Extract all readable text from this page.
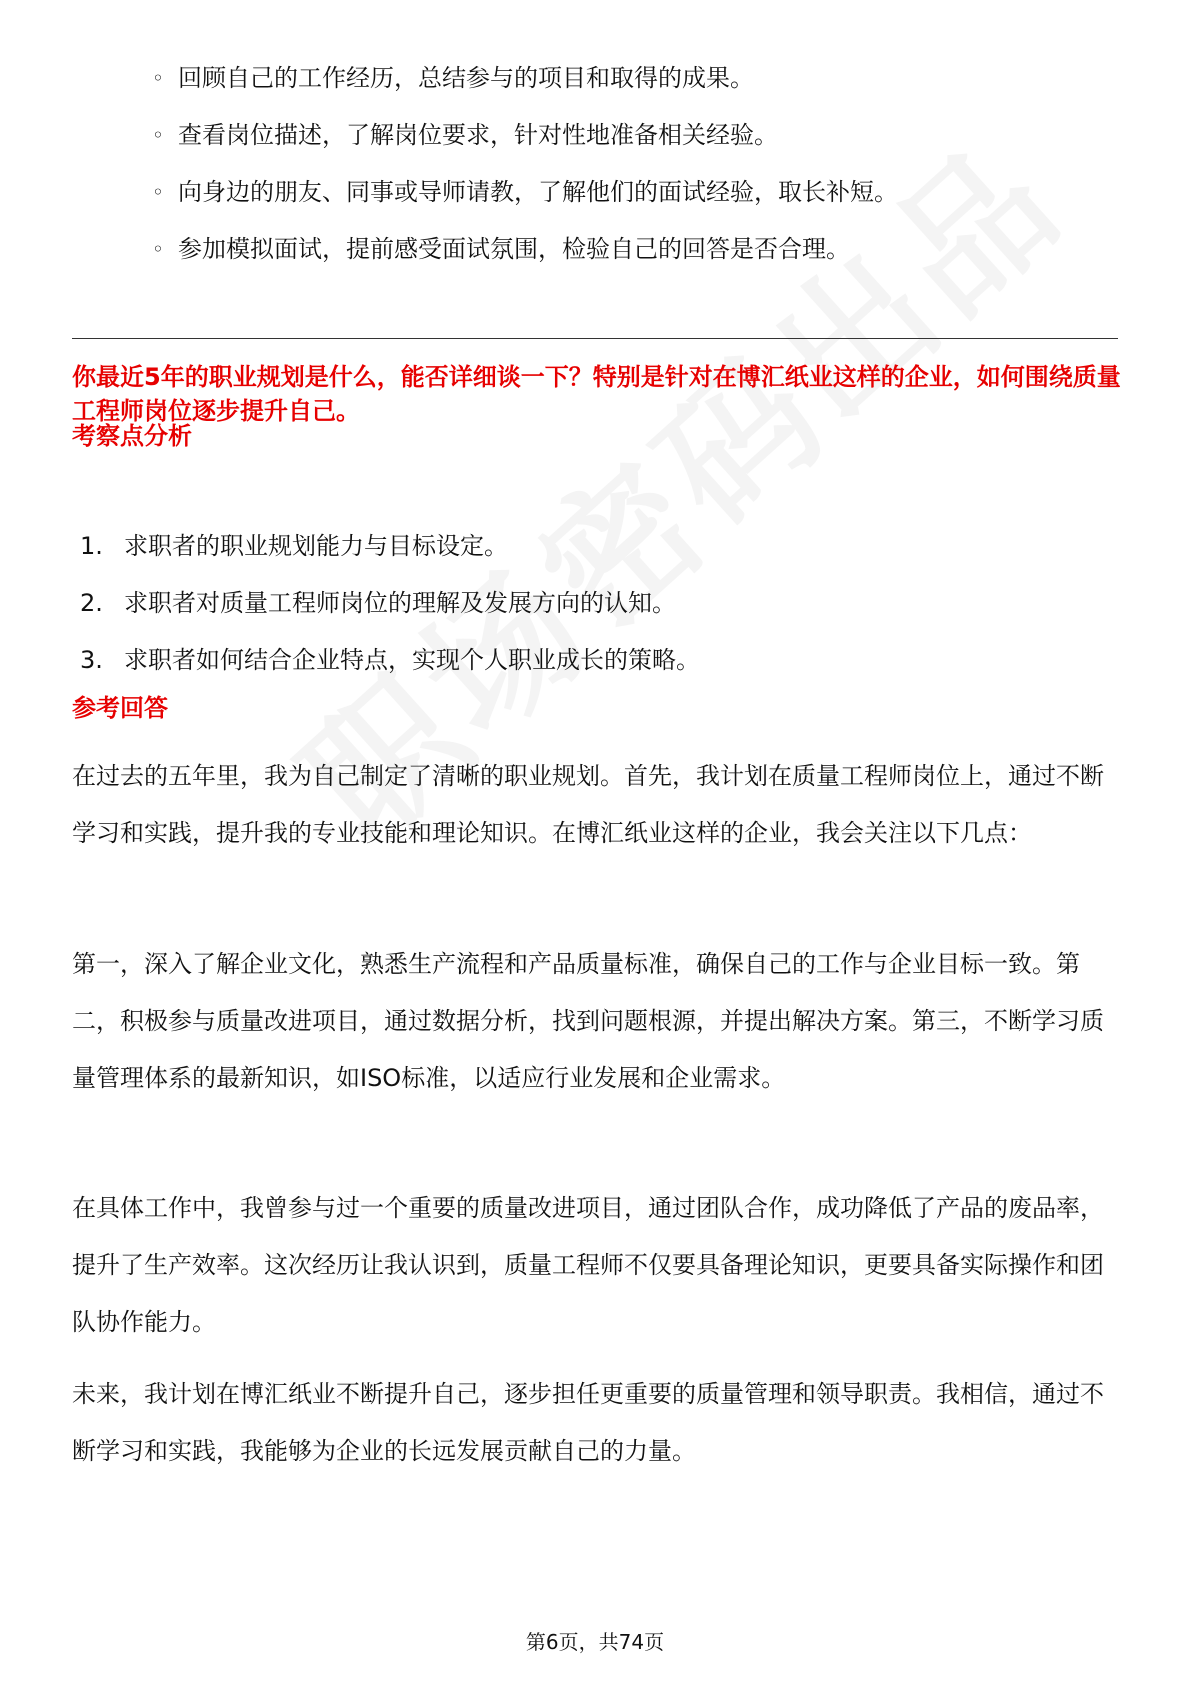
◦ 回顾自己的工作经历，总结参与的项目和取得的成果。
◦ 查看岗位描述，了解岗位要求，针对性地准备相关经验。
◦ 向身边的朋友、同事或导师请教，了解他们的面试经验，取长补短。
◦ 参加模拟面试，提前感受面试氛围，检验自己的回答是否合理。
你最近5年的职业规划是什么，能否详细谈一下？特别是针对在博汇纸业这样的企业，如何围绕质量工程师岗位逐步提升自己。
考察点分析
1. 求职者的职业规划能力与目标设定。
2. 求职者对质量工程师岗位的理解及发展方向的认知。
3. 求职者如何结合企业特点，实现个人职业成长的策略。
参考回答

在过去的五年里，我为自己制定了清晰的职业规划。首先，我计划在质量工程师岗位上，通过不断学习和实践，提升我的专业技能和理论知识。在博汇纸业这样的企业，我会关注以下几点：

第一，深入了解企业文化，熟悉生产流程和产品质量标准，确保自己的工作与企业目标一致。第二，积极参与质量改进项目，通过数据分析，找到问题根源，并提出解决方案。第三，不断学习质量管理体系的最新知识，如ISO标准，以适应行业发展和企业需求。

在具体工作中，我曾参与过一个重要的质量改进项目，通过团队合作，成功降低了产品的废品率，提升了生产效率。这次经历让我认识到，质量工程师不仅要具备理论知识，更要具备实际操作和团队协作能力。

未来，我计划在博汇纸业不断提升自己，逐步担任更重要的质量管理和领导职责。我相信，通过不断学习和实践，我能够为企业的长远发展贡献自己的力量。

第6页，共74页
